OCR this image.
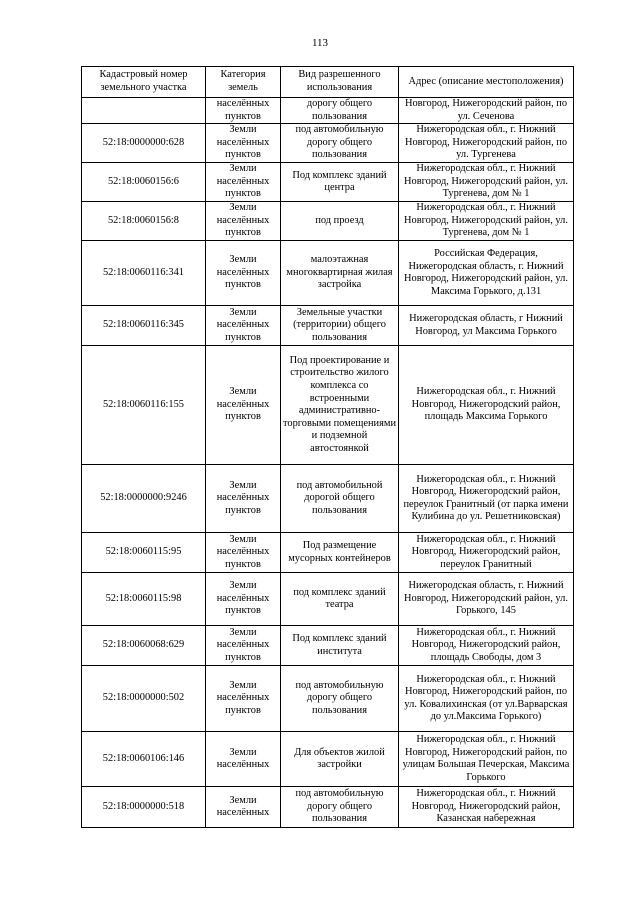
113
Кадастровый номер земельного участка	Категория земель	Вид разрешенного использования	Адрес (описание местоположения)
	населённых пунктов	дорогу общего пользования	Новгород, Нижегородский район, по ул. Сеченова
52:18:0000000:628	Земли населённых пунктов	под автомобильную дорогу общего пользования	Нижегородская обл., г. Нижний Новгород, Нижегородский район, по ул. Тургенева
52:18:0060156:6	Земли населённых пунктов	Под комплекс зданий центра	Нижегородская обл., г. Нижний Новгород, Нижегородский район, ул. Тургенева, дом № 1
52:18:0060156:8	Земли населённых пунктов	под проезд	Нижегородская обл., г. Нижний Новгород, Нижегородский район, ул. Тургенева, дом № 1
52:18:0060116:341	Земли населённых пунктов	малоэтажная многоквартирная жилая застройка	Российская Федерация, Нижегородская область, г. Нижний Новгород, Нижегородский район, ул. Максима Горького, д.131
52:18:0060116:345	Земли населённых пунктов	Земельные участки (территории) общего пользования	Нижегородская область, г Нижний Новгород, ул Максима Горького
52:18:0060116:155	Земли населённых пунктов	Под проектирование и строительство жилого комплекса со встроенными административно-торговыми помещениями и подземной автостоянкой	Нижегородская обл., г. Нижний Новгород, Нижегородский район, площадь Максима Горького
52:18:0000000:9246	Земли населённых пунктов	под автомобильной дорогой общего пользования	Нижегородская обл., г. Нижний Новгород, Нижегородский район, переулок Гранитный (от парка имени Кулибина до ул. Решетниковская)
52:18:0060115:95	Земли населённых пунктов	Под размещение мусорных контейнеров	Нижегородская обл., г. Нижний Новгород, Нижегородский район, переулок Гранитный
52:18:0060115:98	Земли населённых пунктов	под комплекс зданий театра	Нижегородская область, г. Нижний Новгород, Нижегородский район, ул. Горького, 145
52:18:0060068:629	Земли населённых пунктов	Под комплекс зданий института	Нижегородская обл., г. Нижний Новгород, Нижегородский район, площадь Свободы, дом 3
52:18:0000000:502	Земли населённых пунктов	под автомобильную дорогу общего пользования	Нижегородская обл., г. Нижний Новгород, Нижегородский район, по ул. Ковалихинская (от ул.Варварская до ул.Максима Горького)
52:18:0060106:146	Земли населённых	Для объектов жилой застройки	Нижегородская обл., г. Нижний Новгород, Нижегородский район, по улицам Большая Печерская, Максима Горького
52:18:0000000:518	Земли населённых	под автомобильную дорогу общего пользования	Нижегородская обл., г. Нижний Новгород, Нижегородский район, Казанская набережная
